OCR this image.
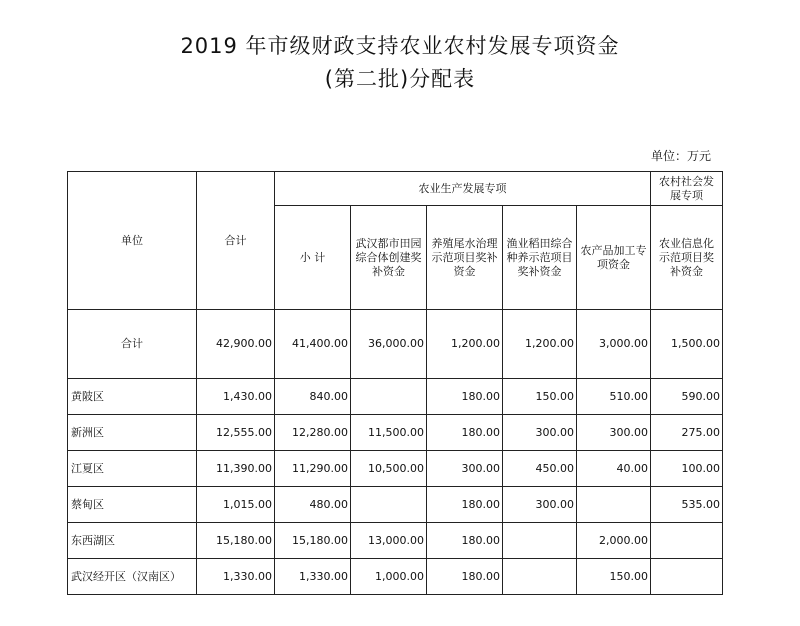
2019 年市级财政支持农业农村发展专项资金
(第二批)分配表
单位：万元
单位	合计	农业生产发展专项					农村社会发展专项
		小 计	武汉都市田园综合体创建奖补资金	养殖尾水治理示范项目奖补资金	渔业稻田综合种养示范项目奖补资金	农产品加工专项资金	农业信息化示范项目奖补资金
合计	42,900.00	41,400.00	36,000.00	1,200.00	1,200.00	3,000.00	1,500.00
黄陂区	1,430.00	840.00		180.00	150.00	510.00	590.00
新洲区	12,555.00	12,280.00	11,500.00	180.00	300.00	300.00	275.00
江夏区	11,390.00	11,290.00	10,500.00	300.00	450.00	40.00	100.00
蔡甸区	1,015.00	480.00		180.00	300.00		535.00
东西湖区	15,180.00	15,180.00	13,000.00	180.00		2,000.00	
武汉经开区（汉南区）	1,330.00	1,330.00	1,000.00	180.00		150.00	
